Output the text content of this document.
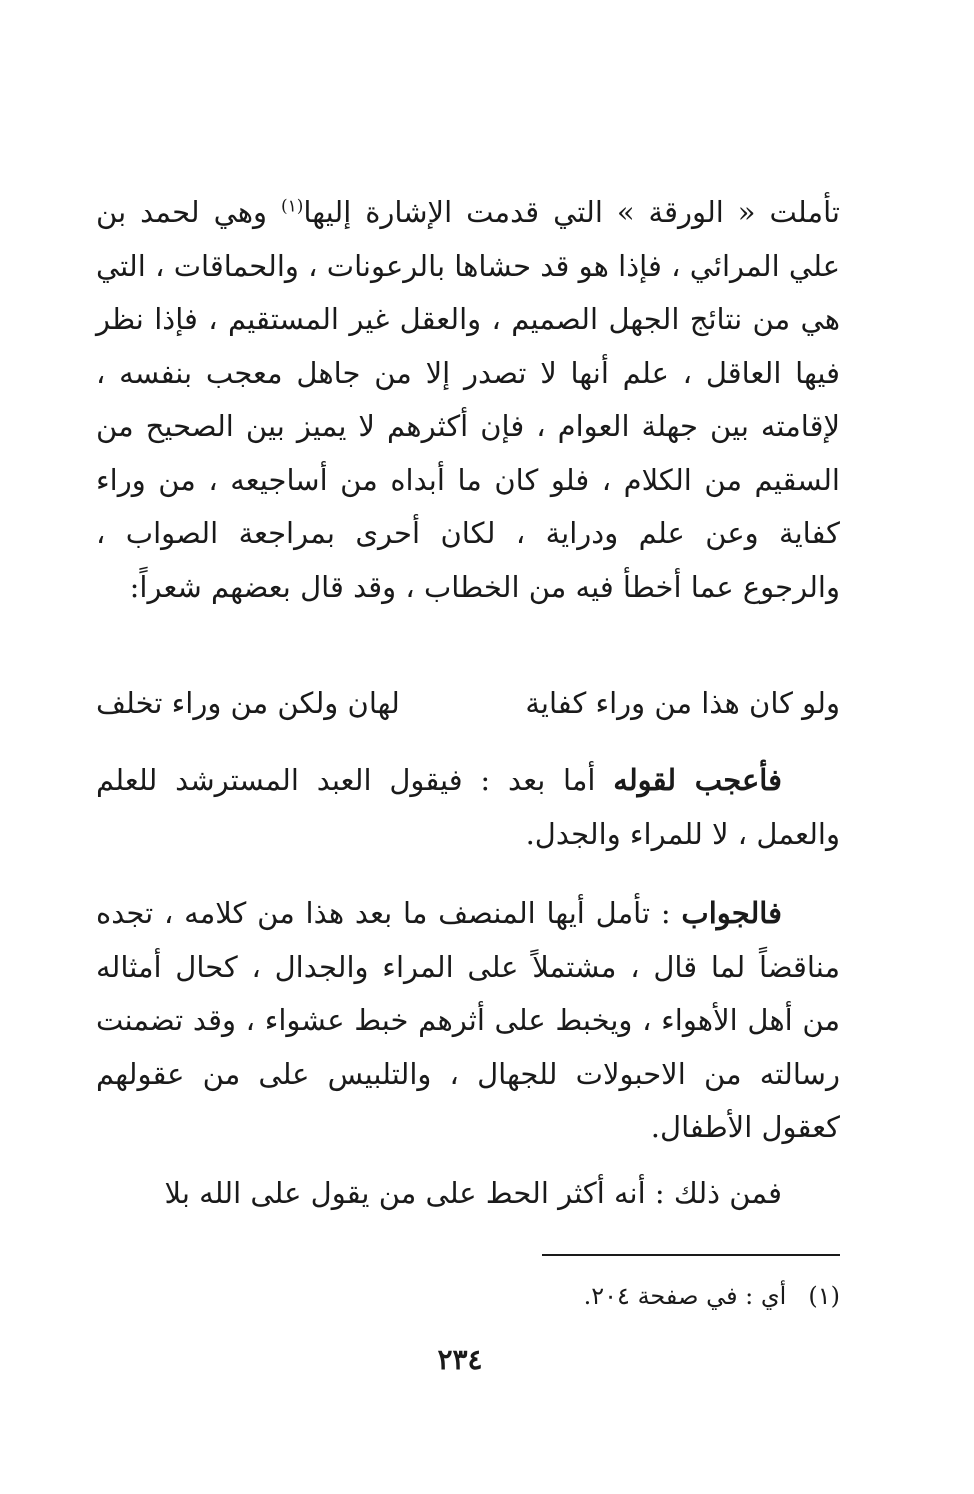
تأملت « الورقة » التي قدمت الإشارة إليها$^{(١)}$ وهي لحمد بن علي المرائي ، فإذا هو قد حشاها بالرعونات ، والحماقات ، التي هي من نتائج الجهل الصميم ، والعقل غير المستقيم ، فإذا نظر فيها العاقل ، علم أنها لا تصدر إلا من جاهل معجب بنفسه ، لإقامته بين جهلة العوام ، فإن أكثرهم لا يميز بين الصحيح من السقيم من الكلام ، فلو كان ما أبداه من أساجيعه ، من وراء كفاية وعن علم ودراية ، لكان أحرى بمراجعة الصواب ، والرجوع عما أخطأ فيه من الخطاب ، وقد قال بعضهم شعراً:

ولو كان هذا من وراء كفاية
لهان ولكن من وراء تخلف

فأعجب لقوله أما بعد : فيقول العبد المسترشد للعلم والعمل ، لا للمراء والجدل.

فالجواب : تأمل أيها المنصف ما بعد هذا من كلامه ، تجده مناقضاً لما قال ، مشتملاً على المراء والجدال ، كحال أمثاله من أهل الأهواء ، ويخبط على أثرهم خبط عشواء ، وقد تضمنت رسالته من الاحبولات للجهال ، والتلبيس على من عقولهم كعقول الأطفال.

فمن ذلك : أنه أكثر الحط على من يقول على الله بلا

(١)أي : في صفحة ٢٠٤.
٢٣٤
